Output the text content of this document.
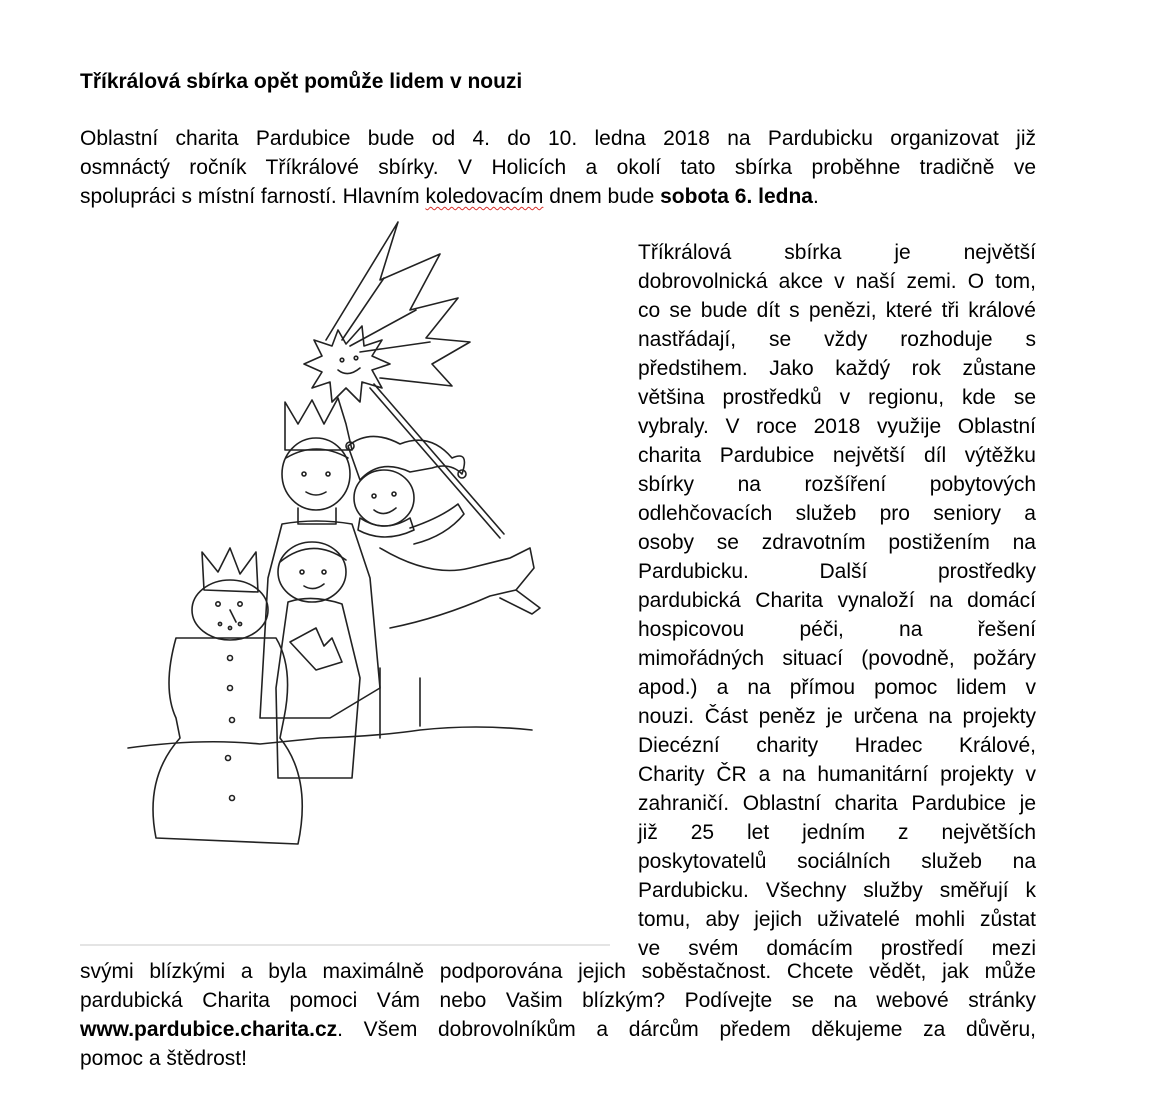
Tříkrálová sbírka opět pomůže lidem v nouzi

Oblastní charita Pardubice bude od 4. do 10. ledna 2018 na Pardubicku organizovat již
osmnáctý ročník Tříkrálové sbírky. V Holicích a okolí tato sbírka proběhne tradičně ve
spolupráci s místní farností. Hlavním koledovacím dnem bude sobota 6. ledna.

Tříkrálová sbírka je největší
dobrovolnická akce v naší zemi. O tom,
co se bude dít s penězi, které tři králové
nastřádají, se vždy rozhoduje s
předstihem. Jako každý rok zůstane
většina prostředků v regionu, kde se
vybraly. V roce 2018 využije Oblastní
charita Pardubice největší díl výtěžku
sbírky na rozšíření pobytových
odlehčovacích služeb pro seniory a
osoby se zdravotním postižením na
Pardubicku. Další prostředky
pardubická Charita vynaloží na domácí
hospicovou péči, na řešení
mimořádných situací (povodně, požáry
apod.) a na přímou pomoc lidem v
nouzi. Část peněz je určena na projekty
Diecézní charity Hradec Králové,
Charity ČR a na humanitární projekty v
zahraničí. Oblastní charita Pardubice je
již 25 let jedním z největších
poskytovatelů sociálních služeb na
Pardubicku. Všechny služby směřují k
tomu, aby jejich uživatelé mohli zůstat
ve svém domácím prostředí mezi
svými blízkými a byla maximálně podporována jejich soběstačnost. Chcete vědět, jak může
pardubická Charita pomoci Vám nebo Vašim blízkým? Podívejte se na webové stránky
www.pardubice.charita.cz. Všem dobrovolníkům a dárcům předem děkujeme za důvěru,
pomoc a štědrost!
